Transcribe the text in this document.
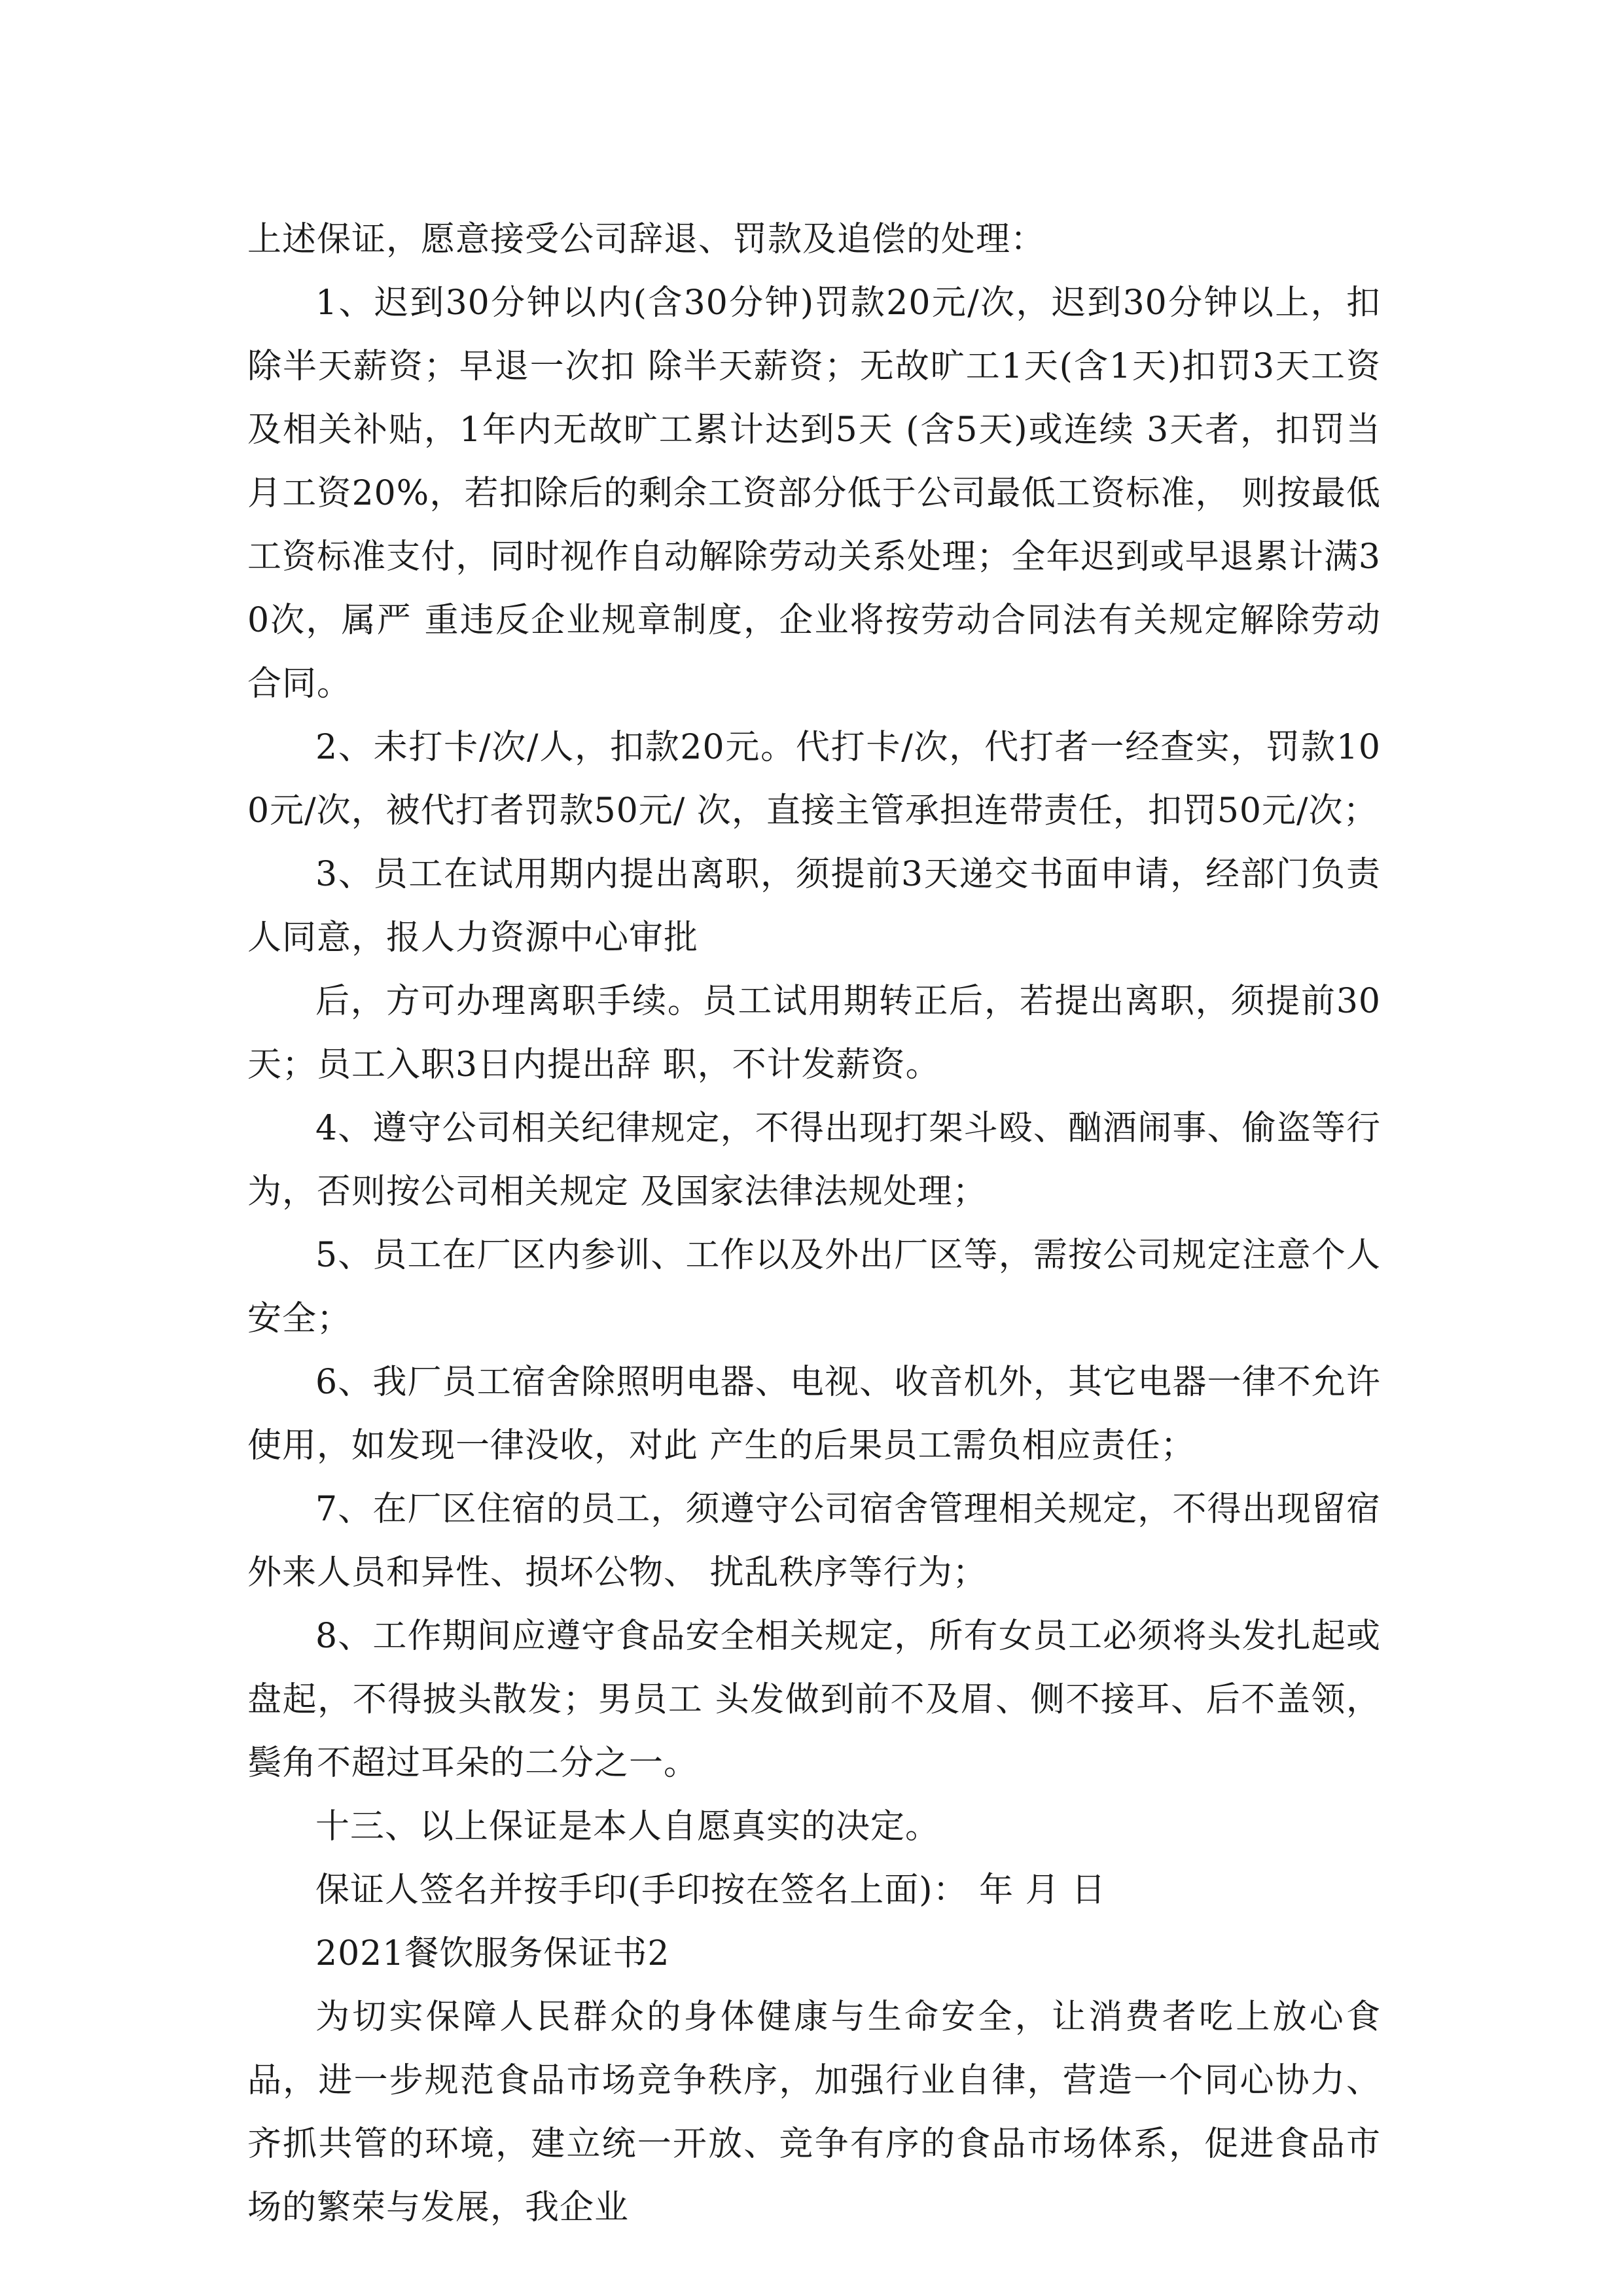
上述保证，愿意接受公司辞退、罚款及追偿的处理：

1、迟到30分钟以内(含30分钟)罚款20元/次，迟到30分钟以上，扣除半天薪资；早退一次扣 除半天薪资；无故旷工1天(含1天)扣罚3天工资及相关补贴，1年内无故旷工累计达到5天 (含5天)或连续 3天者，扣罚当月工资20%，若扣除后的剩余工资部分低于公司最低工资标准， 则按最低工资标准支付，同时视作自动解除劳动关系处理；全年迟到或早退累计满30次，属严 重违反企业规章制度，企业将按劳动合同法有关规定解除劳动合同。

2、未打卡/次/人，扣款20元。代打卡/次，代打者一经查实，罚款100元/次，被代打者罚款50元/ 次，直接主管承担连带责任，扣罚50元/次；

3、员工在试用期内提出离职，须提前3天递交书面申请，经部门负责人同意，报人力资源中心审批

后，方可办理离职手续。员工试用期转正后，若提出离职，须提前30天；员工入职3日内提出辞 职，不计发薪资。

4、遵守公司相关纪律规定，不得出现打架斗殴、酗酒闹事、偷盗等行为，否则按公司相关规定 及国家法律法规处理；

5、员工在厂区内参训、工作以及外出厂区等，需按公司规定注意个人安全；

6、我厂员工宿舍除照明电器、电视、收音机外，其它电器一律不允许使用，如发现一律没收，对此 产生的后果员工需负相应责任；

7、在厂区住宿的员工，须遵守公司宿舍管理相关规定，不得出现留宿外来人员和异性、损坏公物、 扰乱秩序等行为；

8、工作期间应遵守食品安全相关规定，所有女员工必须将头发扎起或盘起，不得披头散发；男员工 头发做到前不及眉、侧不接耳、后不盖领，鬓角不超过耳朵的二分之一。

十三、以上保证是本人自愿真实的决定。

保证人签名并按手印(手印按在签名上面)： 年 月 日

2021餐饮服务保证书2

为切实保障人民群众的身体健康与生命安全，让消费者吃上放心食品，进一步规范食品市场竞争秩序，加强行业自律，营造一个同心协力、齐抓共管的环境，建立统一开放、竞争有序的食品市场体系，促进食品市场的繁荣与发展，我企业
